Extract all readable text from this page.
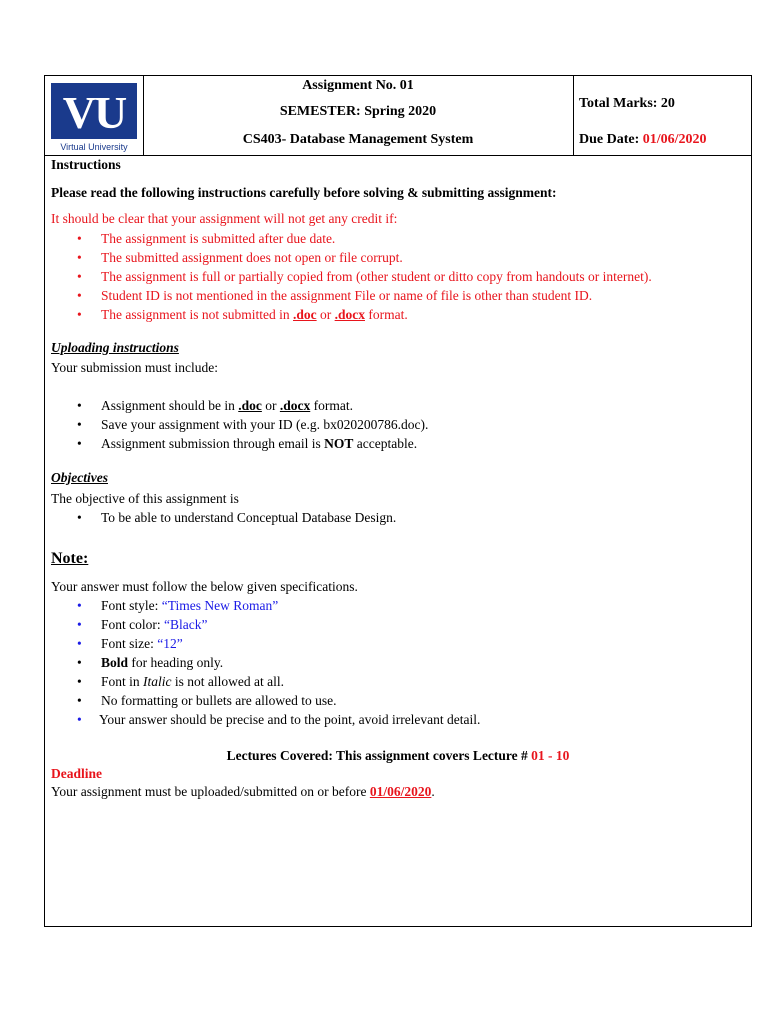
VU
Virtual University
Assignment No. 01
SEMESTER: Spring 2020
CS403- Database Management System
Total Marks: 20
Due Date: 01/06/2020
Instructions
Please read the following instructions carefully before solving & submitting assignment:
It should be clear that your assignment will not get any credit if:
• The assignment is submitted after due date.
• The submitted assignment does not open or file corrupt.
• The assignment is full or partially copied from (other student or ditto copy from handouts or internet).
• Student ID is not mentioned in the assignment File or name of file is other than student ID.
• The assignment is not submitted in .doc or .docx format.
Uploading instructions
Your submission must include:
• Assignment should be in .doc or .docx format.
• Save your assignment with your ID (e.g. bx020200786.doc).
• Assignment submission through email is NOT acceptable.
Objectives
The objective of this assignment is
• To be able to understand Conceptual Database Design.
Note:
Your answer must follow the below given specifications.
• Font style: “Times New Roman”
• Font color: “Black”
• Font size: “12”
• Bold for heading only.
• Font in Italic is not allowed at all.
• No formatting or bullets are allowed to use.
• Your answer should be precise and to the point, avoid irrelevant detail.
Lectures Covered: This assignment covers Lecture # 01 - 10
Deadline
Your assignment must be uploaded/submitted on or before 01/06/2020.
